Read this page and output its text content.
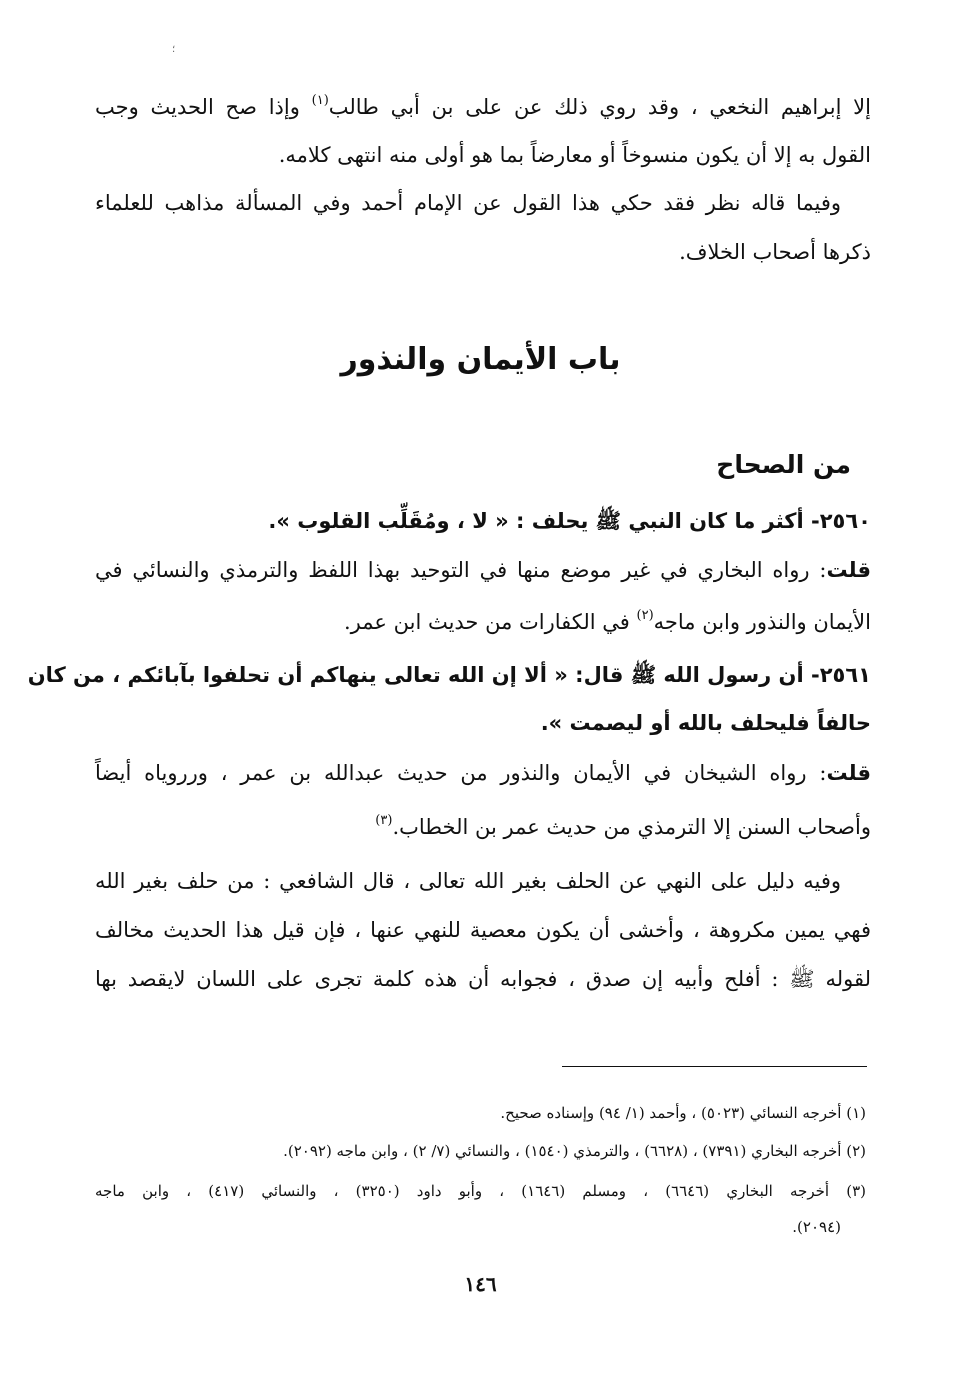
؛
إلا إبراهيم النخعي ، وقد روي ذلك عن على بن أبي طالب$^{(١)}$ وإذا صح الحديث وجب
القول به إلا أن يكون منسوخاً أو معارضاً بما هو أولى منه انتهى كلامه.
وفيما قاله نظر فقد حكي هذا القول عن الإمام أحمد وفي المسألة مذاهب للعلماء
ذكرها أصحاب الخلاف.
باب الأيمان والنذور
من الصحاح
٢٥٦٠- أكثر ما كان النبي ﷺ يحلف : « لا ، ومُقَلِّب القلوب ».
قلت: رواه البخاري في غير موضع منها في التوحيد بهذا اللفظ والترمذي والنسائي في
الأيمان والنذور وابن ماجه$^{(٢)}$ في الكفارات من حديث ابن عمر.
٢٥٦١- أن رسول الله ﷺ قال: « ألا إن الله تعالى ينهاكم أن تحلفوا بآبائكم ، من كان
حالفاً فليحلف بالله أو ليصمت ».
قلت: رواه الشيخان في الأيمان والنذور من حديث عبدالله بن عمر ، ورروياه أيضاً
وأصحاب السنن إلا الترمذي من حديث عمر بن الخطاب.$^{(٣)}$
وفيه دليل على النهي عن الحلف بغير الله تعالى ، قال الشافعي : من حلف بغير الله
فهي يمين مكروهة ، وأخشى أن يكون معصية للنهي عنها ، فإن قيل هذا الحديث مخالف
لقوله ﷺ : أفلح وأبيه إن صدق ، فجوابه أن هذه كلمة تجرى على اللسان لايقصد بها
(١) أخرجه النسائي (٥٠٢٣) ، وأحمد (١/ ٩٤) وإسناده صحيح.
(٢) أخرجه البخاري (٧٣٩١) ، (٦٦٢٨) ، والترمذي (١٥٤٠) ، والنسائي (٧/ ٢) ، وابن ماجه (٢٠٩٢).
(٣) أخرجه البخاري (٦٦٤٦) ، ومسلم (١٦٤٦) ، وأبو داود (٣٢٥٠) ، والنسائي (٤١٧) ، وابن ماجه
(٢٠٩٤).
١٤٦
